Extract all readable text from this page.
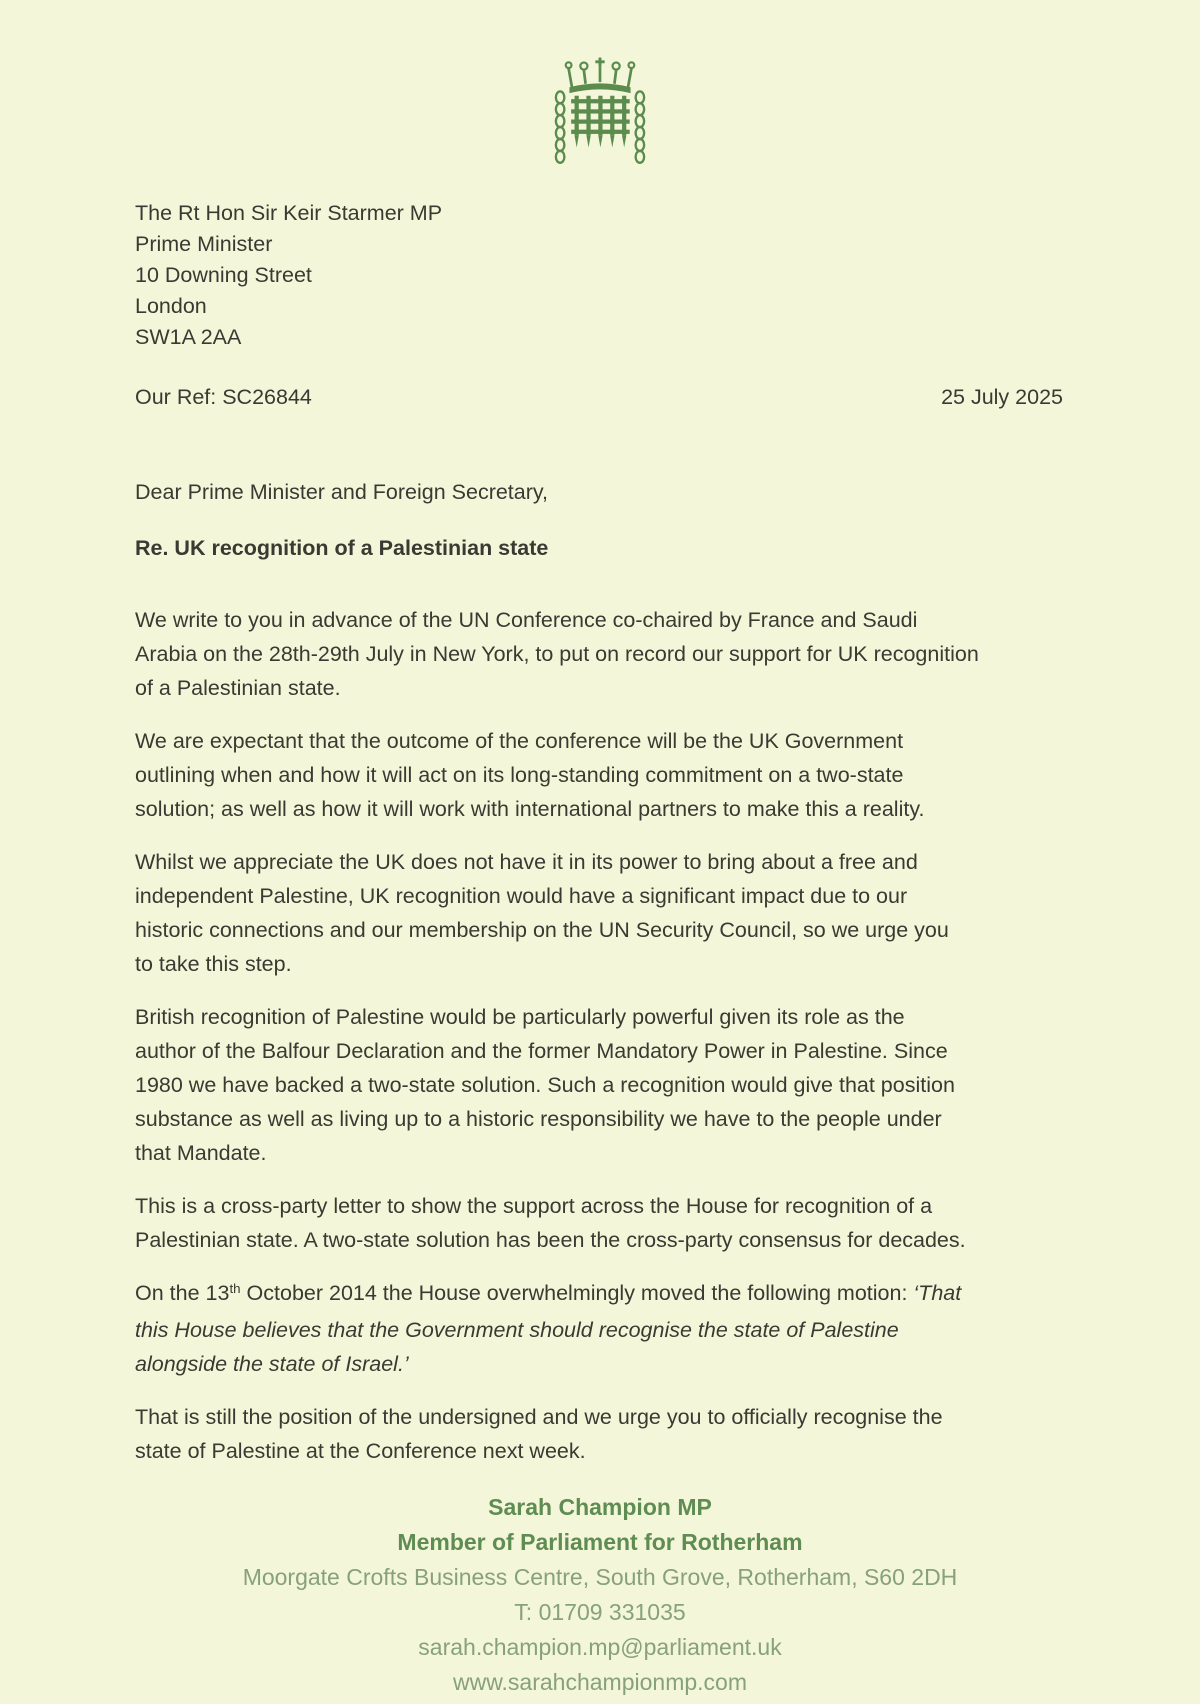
The Rt Hon Sir Keir Starmer MP
Prime Minister
10 Downing Street
London
SW1A 2AA
Our Ref: SC26844	25 July 2025
Dear Prime Minister and Foreign Secretary,
Re. UK recognition of a Palestinian state

We write to you in advance of the UN Conference co-chaired by France and Saudi
Arabia on the 28th-29th July in New York, to put on record our support for UK recognition
of a Palestinian state.

We are expectant that the outcome of the conference will be the UK Government
outlining when and how it will act on its long-standing commitment on a two-state
solution; as well as how it will work with international partners to make this a reality.

Whilst we appreciate the UK does not have it in its power to bring about a free and
independent Palestine, UK recognition would have a significant impact due to our
historic connections and our membership on the UN Security Council, so we urge you
to take this step.

British recognition of Palestine would be particularly powerful given its role as the
author of the Balfour Declaration and the former Mandatory Power in Palestine. Since
1980 we have backed a two-state solution. Such a recognition would give that position
substance as well as living up to a historic responsibility we have to the people under
that Mandate.

This is a cross-party letter to show the support across the House for recognition of a
Palestinian state. A two-state solution has been the cross-party consensus for decades.

On the 13th October 2014 the House overwhelmingly moved the following motion: ‘That
this House believes that the Government should recognise the state of Palestine
alongside the state of Israel.’

That is still the position of the undersigned and we urge you to officially recognise the
state of Palestine at the Conference next week.

Sarah Champion MP
Member of Parliament for Rotherham
Moorgate Crofts Business Centre, South Grove, Rotherham, S60 2DH
T: 01709 331035
sarah.champion.mp@parliament.uk
www.sarahchampionmp.com
